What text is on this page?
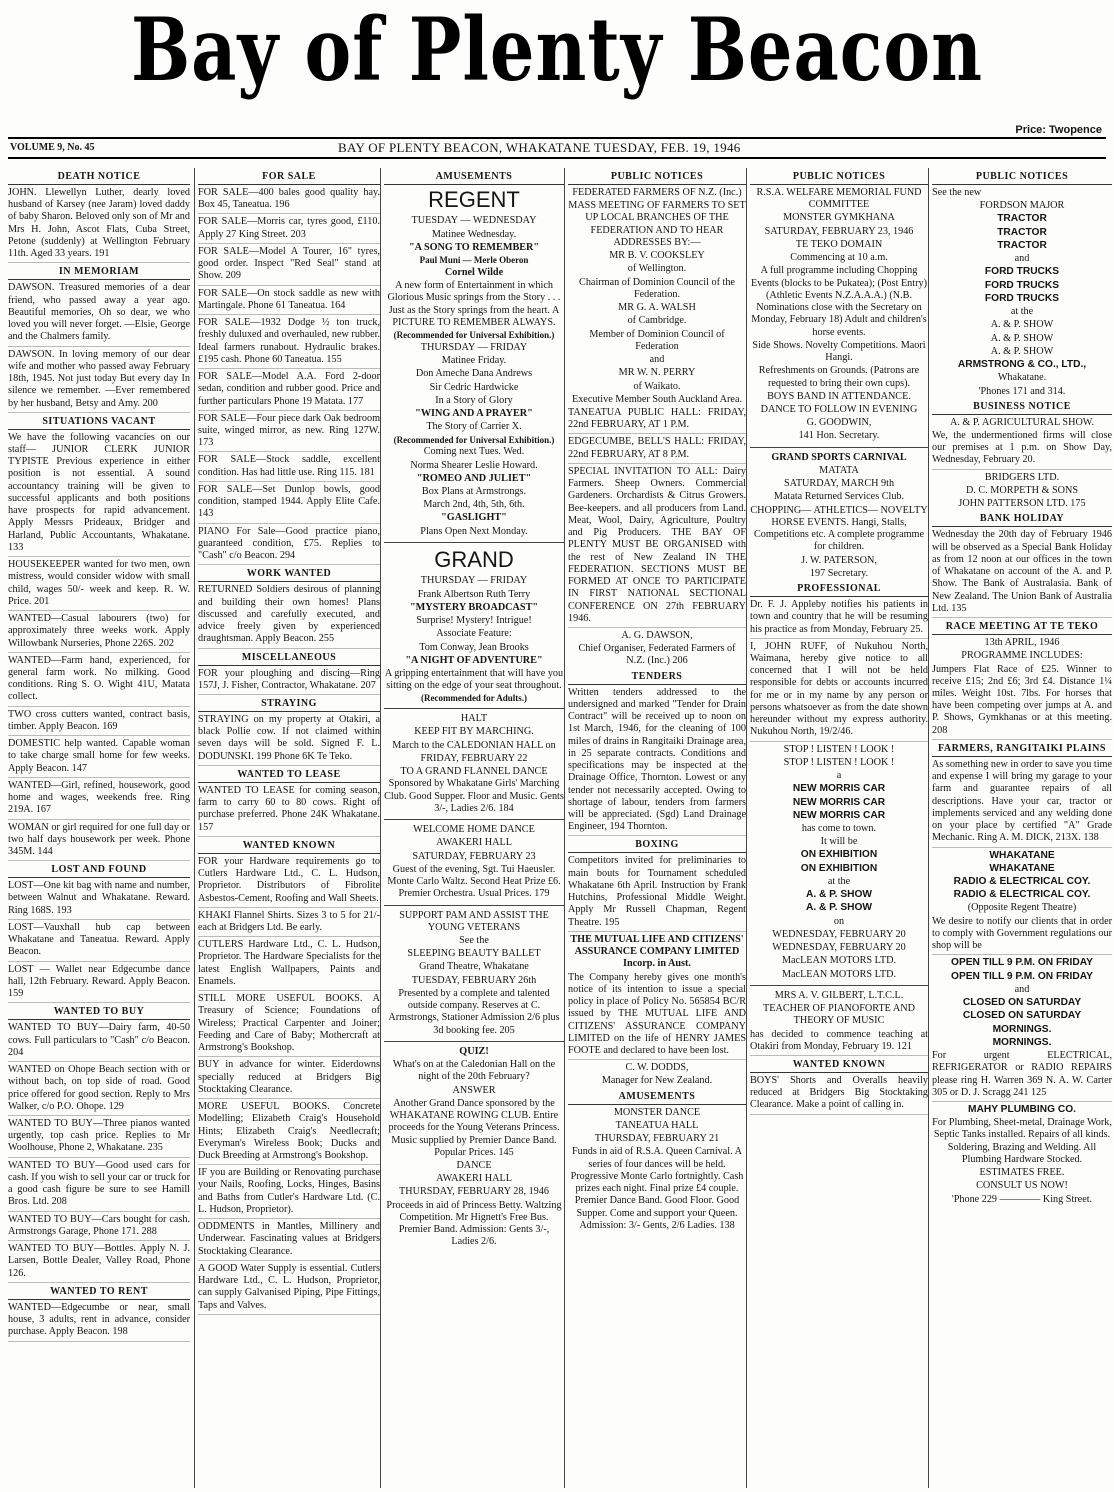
Bay of Plenty Beacon
Price: Twopence
VOLUME 9, No. 45	BAY OF PLENTY BEACON, WHAKATANE TUESDAY, FEB. 19, 1946
DEATH NOTICE
JOHN. Llewellyn Luther, dearly loved husband of Karsey (nee Jaram) loved daddy of baby Sharon. Beloved only son of Mr and Mrs H. John, Ascot Flats, Cuba Street, Petone (suddenly) at Wellington February 11th. Aged 33 years. 191
IN MEMORIAM
DAWSON. Treasured memories of a dear friend, who passed away a year ago. Beautiful memories, Oh so dear, we who loved you will never forget. —Elsie, George and the Chalmers family.
DAWSON. In loving memory of our dear wife and mother who passed away February 18th, 1945. Not just today But every day In silence we remember. —Ever remembered by her husband, Betsy and Amy. 200
SITUATIONS VACANT
We have the following vacancies on our staff— JUNIOR CLERK JUNIOR TYPISTE Previous experience in either position is not essential. A sound accountancy training will be given to successful applicants and both positions have prospects for rapid advancement. Apply Messrs Prideaux, Bridger and Harland, Public Accountants, Whakatane. 133
HOUSEKEEPER wanted for two men, own mistress, would consider widow with small child, wages 50/- week and keep. R. W. Price. 201
WANTED—Casual labourers (two) for approximately three weeks work. Apply Willowbank Nurseries, Phone 226S. 202
WANTED—Farm hand, experienced, for general farm work. No milking. Good conditions. Ring S. O. Wight 41U, Matata collect.
TWO cross cutters wanted, contract basis, timber. Apply Beacon. 169
DOMESTIC help wanted. Capable woman to take charge small home for few weeks. Apply Beacon. 147
WANTED—Girl, refined, housework, good home and wages, weekends free. Ring 219A. 167
WOMAN or girl required for one full day or two half days housework per week. Phone 345M. 144
LOST AND FOUND
LOST—One kit bag with name and number, between Walnut and Whakatane. Reward. Ring 168S. 193
LOST—Vauxhall hub cap between Whakatane and Taneatua. Reward. Apply Beacon.
LOST — Wallet near Edgecumbe dance hall, 12th February. Reward. Apply Beacon. 159
WANTED TO BUY
WANTED TO BUY—Dairy farm, 40-50 cows. Full particulars to "Cash" c/o Beacon. 204
WANTED on Ohope Beach section with or without bach, on top side of road. Good price offered for good section. Reply to Mrs Walker, c/o P.O. Ohope. 129
WANTED TO BUY—Three pianos wanted urgently, top cash price. Replies to Mr Woolhouse, Phone 2, Whakatane. 235
WANTED TO BUY—Good used cars for cash. If you wish to sell your car or truck for a good cash figure be sure to see Hamill Bros. Ltd. 208
WANTED TO BUY—Cars bought for cash. Armstrongs Garage, Phone 171. 288
WANTED TO BUY—Bottles. Apply N. J. Larsen, Bottle Dealer, Valley Road, Phone 126.
WANTED TO RENT
WANTED—Edgecumbe or near, small house, 3 adults, rent in advance, consider purchase. Apply Beacon. 198
FOR SALE
FOR SALE—400 bales good quality hay. Box 45, Taneatua. 196
FOR SALE—Morris car, tyres good, £110. Apply 27 King Street. 203
FOR SALE—Model A Tourer, 16" tyres, good order. Inspect "Red Seal" stand at Show. 209
FOR SALE—On stock saddle as new with Martingale. Phone 61 Taneatua. 164
FOR SALE—1932 Dodge ½ ton truck, freshly duluxed and overhauled, new rubber. Ideal farmers runabout. Hydraulic brakes. £195 cash. Phone 60 Taneatua. 155
FOR SALE—Model A.A. Ford 2-door sedan, condition and rubber good. Price and further particulars Phone 19 Matata. 177
FOR SALE—Four piece dark Oak bedroom suite, winged mirror, as new. Ring 127W. 173
FOR SALE—Stock saddle, excellent condition. Has had little use. Ring 115. 181
FOR SALE—Set Dunlop bowls, good condition, stamped 1944. Apply Elite Cafe. 143
PIANO For Sale—Good practice piano, guaranteed condition, £75. Replies to "Cash" c/o Beacon. 294
WORK WANTED
RETURNED Soldiers desirous of planning and building their own homes! Plans discussed and carefully executed, and advice freely given by experienced draughtsman. Apply Beacon. 255
MISCELLANEOUS
FOR your ploughing and discing—Ring 157J, J. Fisher, Contractor, Whakatane. 207
STRAYING
STRAYING on my property at Otakiri, a black Pollie cow. If not claimed within seven days will be sold. Signed F. L. DODUNSKI. 199 Phone 6K Te Teko.
WANTED TO LEASE
WANTED TO LEASE for coming season, farm to carry 60 to 80 cows. Right of purchase preferred. Phone 24K Whakatane. 157
WANTED KNOWN
FOR your Hardware requirements go to Cutlers Hardware Ltd., C. L. Hudson, Proprietor. Distributors of Fibrolite Asbestos-Cement, Roofing and Wall Sheets.
KHAKI Flannel Shirts. Sizes 3 to 5 for 21/- each at Bridgers Ltd. Be early.
CUTLERS Hardware Ltd., C. L. Hudson, Proprietor. The Hardware Specialists for the latest English Wallpapers, Paints and Enamels.
STILL MORE USEFUL BOOKS. A Treasury of Science; Foundations of Wireless; Practical Carpenter and Joiner; Feeding and Care of Baby; Mothercraft at Armstrong's Bookshop.
BUY in advance for winter. Eiderdowns specially reduced at Bridgers Big Stocktaking Clearance.
MORE USEFUL BOOKS. Concrete Modelling; Elizabeth Craig's Household Hints; Elizabeth Craig's Needlecraft; Everyman's Wireless Book; Ducks and Duck Breeding at Armstrong's Bookshop.
IF you are Building or Renovating purchase your Nails, Roofing, Locks, Hinges, Basins and Baths from Cutler's Hardware Ltd. (C. L. Hudson, Proprietor).
ODDMENTS in Mantles, Millinery and Underwear. Fascinating values at Bridgers Stocktaking Clearance.
A GOOD Water Supply is essential. Cutlers Hardware Ltd., C. L. Hudson, Proprietor, can supply Galvanised Piping, Pipe Fittings, Taps and Valves.
AMUSEMENTS
REGENT
TUESDAY — WEDNESDAY
Matinee Wednesday.
"A SONG TO REMEMBER"
Paul Muni — Merle Oberon
Cornel Wilde
A new form of Entertainment in which Glorious Music springs from the Story . . . Just as the Story springs from the heart. A PICTURE TO REMEMBER ALWAYS.
(Recommended for Universal Exhibition.)
THURSDAY — FRIDAY
Matinee Friday.
Don Ameche Dana Andrews
Sir Cedric Hardwicke
In a Story of Glory
"WING AND A PRAYER"
The Story of Carrier X.
(Recommended for Universal Exhibition.)
Coming next Tues. Wed.
Norma Shearer Leslie Howard.
"ROMEO AND JULIET"
Box Plans at Armstrongs.
March 2nd, 4th, 5th, 6th.
"GASLIGHT"
Plans Open Next Monday.
GRAND
THURSDAY — FRIDAY
Frank Albertson Ruth Terry
"MYSTERY BROADCAST"
Surprise! Mystery! Intrigue!
Associate Feature:
Tom Conway, Jean Brooks
"A NIGHT OF ADVENTURE"
A gripping entertainment that will have you sitting on the edge of your seat throughout.
(Recommended for Adults.)
HALT
KEEP FIT BY MARCHING.
March to the CALEDONIAN HALL on
FRIDAY, FEBRUARY 22
TO A GRAND FLANNEL DANCE Sponsored by Whakatane Girls' Marching Club. Good Supper. Floor and Music. Gents 3/-, Ladies 2/6. 184
WELCOME HOME DANCE
AWAKERI HALL
SATURDAY, FEBRUARY 23
Guest of the evening, Sgt. Tui Haeusler. Monte Carlo Waltz. Second Heat Prize £6. Premier Orchestra. Usual Prices. 179
SUPPORT PAM AND ASSIST THE YOUNG VETERANS
See the
SLEEPING BEAUTY BALLET
Grand Theatre, Whakatane
TUESDAY, FEBRUARY 26th
Presented by a complete and talented outside company. Reserves at C. Armstrongs, Stationer Admission 2/6 plus 3d booking fee. 205
QUIZ!
What's on at the Caledonian Hall on the night of the 20th February?
ANSWER
Another Grand Dance sponsored by the WHAKATANE ROWING CLUB. Entire proceeds for the Young Veterans Princess. Music supplied by Premier Dance Band. Popular Prices. 145
DANCE
AWAKERI HALL
THURSDAY, FEBRUARY 28, 1946
Proceeds in aid of Princess Betty. Waltzing Competition. Mr Hignett's Free Bus. Premier Band. Admission: Gents 3/-, Ladies 2/6.
PUBLIC NOTICES
FEDERATED FARMERS OF N.Z. (Inc.)
MASS MEETING OF FARMERS TO SET UP LOCAL BRANCHES OF THE FEDERATION AND TO HEAR ADDRESSES BY:—
MR B. V. COOKSLEY
of Wellington.
Chairman of Dominion Council of the Federation.
MR G. A. WALSH
of Cambridge.
Member of Dominion Council of Federation
and
MR W. N. PERRY
of Waikato.
Executive Member South Auckland Area.
TANEATUA PUBLIC HALL: FRIDAY, 22nd FEBRUARY, AT 1 P.M.
EDGECUMBE, BELL'S HALL: FRIDAY, 22nd FEBRUARY, AT 8 P.M.
SPECIAL INVITATION TO ALL: Dairy Farmers. Sheep Owners. Commercial Gardeners. Orchardists & Citrus Growers. Bee-keepers. and all producers from Land. Meat, Wool, Dairy, Agriculture, Poultry and Pig Producers. THE BAY OF PLENTY MUST BE ORGANISED with the rest of New Zealand IN THE FEDERATION. SECTIONS MUST BE FORMED AT ONCE TO PARTICIPATE IN FIRST NATIONAL SECTIONAL CONFERENCE ON 27th FEBRUARY 1946.
A. G. DAWSON,
Chief Organiser, Federated Farmers of N.Z. (Inc.) 206
TENDERS
Written tenders addressed to the undersigned and marked "Tender for Drain Contract" will be received up to noon on 1st March, 1946, for the cleaning of 100 miles of drains in Rangitaiki Drainage area, in 25 separate contracts. Conditions and specifications may be inspected at the Drainage Office, Thornton. Lowest or any tender not necessarily accepted. Owing to shortage of labour, tenders from farmers will be appreciated. (Sgd) Land Drainage Engineer, 194 Thornton.
BOXING
Competitors invited for preliminaries to main bouts for Tournament scheduled Whakatane 6th April. Instruction by Frank Hutchins, Professional Middle Weight. Apply Mr Russell Chapman, Regent Theatre. 195
THE MUTUAL LIFE AND CITIZENS' ASSURANCE COMPANY LIMITED Incorp. in Aust.
The Company hereby gives one month's notice of its intention to issue a special policy in place of Policy No. 565854 BC/R issued by THE MUTUAL LIFE AND CITIZENS' ASSURANCE COMPANY LIMITED on the life of HENRY JAMES FOOTE and declared to have been lost.
C. W. DODDS,
Manager for New Zealand.
AMUSEMENTS
MONSTER DANCE
TANEATUA HALL
THURSDAY, FEBRUARY 21
Funds in aid of R.S.A. Queen Carnival. A series of four dances will be held. Progressive Monte Carlo fortnightly. Cash prizes each night. Final prize £4 couple. Premier Dance Band. Good Floor. Good Supper. Come and support your Queen. Admission: 3/- Gents, 2/6 Ladies. 138
PUBLIC NOTICES
R.S.A. WELFARE MEMORIAL FUND COMMITTEE
MONSTER GYMKHANA
SATURDAY, FEBRUARY 23, 1946
TE TEKO DOMAIN
Commencing at 10 a.m.
A full programme including Chopping Events (blocks to be Pukatea); (Post Entry) (Athletic Events N.Z.A.A.A.) (N.B. Nominations close with the Secretary on Monday, February 18) Adult and children's horse events.
Side Shows. Novelty Competitions. Maori Hangi.
Refreshments on Grounds. (Patrons are requested to bring their own cups).
BOYS BAND IN ATTENDANCE.
DANCE TO FOLLOW IN EVENING
G. GOODWIN,
141 Hon. Secretary.
GRAND SPORTS CARNIVAL
MATATA
SATURDAY, MARCH 9th
Matata Returned Services Club.
CHOPPING— ATHLETICS— NOVELTY HORSE EVENTS. Hangi, Stalls, Competitions etc. A complete programme for children.
J. W. PATERSON,
197 Secretary.
PROFESSIONAL
Dr. F. J. Appleby notifies his patients in town and country that he will be resuming his practice as from Monday, February 25.
I, JOHN RUFF, of Nukuhou North, Waimana, hereby give notice to all concerned that I will not be held responsible for debts or accounts incurred for me or in my name by any person or persons whatsoever as from the date shown hereunder without my express authority. Nukuhou North, 19/2/46.
STOP ! LISTEN ! LOOK !
STOP ! LISTEN ! LOOK !
a
NEW MORRIS CAR
NEW MORRIS CAR
NEW MORRIS CAR
has come to town.
It will be
ON EXHIBITION
ON EXHIBITION
at the
A. & P. SHOW
A. & P. SHOW
on
WEDNESDAY, FEBRUARY 20
WEDNESDAY, FEBRUARY 20
MacLEAN MOTORS LTD.
MacLEAN MOTORS LTD.
MRS A. V. GILBERT, L.T.C.L.
TEACHER OF PIANOFORTE AND THEORY OF MUSIC
has decided to commence teaching at Otakiri from Monday, February 19. 121
WANTED KNOWN
BOYS' Shorts and Overalls heavily reduced at Bridgers Big Stocktaking Clearance. Make a point of calling in.
PUBLIC NOTICES
See the new
FORDSON MAJOR
TRACTOR
TRACTOR
TRACTOR
and
FORD TRUCKS
FORD TRUCKS
FORD TRUCKS
at the
A. & P. SHOW
A. & P. SHOW
A. & P. SHOW
ARMSTRONG & CO., LTD.,
Whakatane.
'Phones 171 and 314.
BUSINESS NOTICE
A. & P. AGRICULTURAL SHOW.
We, the undermentioned firms will close our premises at 1 p.m. on Show Day, Wednesday, February 20.
BRIDGERS LTD.
D. C. MORPETH & SONS
JOHN PATTERSON LTD. 175
BANK HOLIDAY
Wednesday the 20th day of February 1946 will be observed as a Special Bank Holiday as from 12 noon at our offices in the town of Whakatane on account of the A. and P. Show. The Bank of Australasia. Bank of New Zealand. The Union Bank of Australia Ltd. 135
RACE MEETING AT TE TEKO
13th APRIL, 1946
PROGRAMME INCLUDES:
Jumpers Flat Race of £25. Winner to receive £15; 2nd £6; 3rd £4. Distance 1¼ miles. Weight 10st. 7lbs. For horses that have been competing over jumps at A. and P. Shows, Gymkhanas or at this meeting. 208
FARMERS, RANGITAIKI PLAINS
As something new in order to save you time and expense I will bring my garage to your farm and guarantee repairs of all descriptions. Have your car, tractor or implements serviced and any welding done on your place by certified "A" Grade Mechanic. Ring A. M. DICK, 213X. 138
WHAKATANE
WHAKATANE
RADIO & ELECTRICAL COY.
RADIO & ELECTRICAL COY.
(Opposite Regent Theatre)
We desire to notify our clients that in order to comply with Government regulations our shop will be
OPEN TILL 9 P.M. ON FRIDAY
OPEN TILL 9 P.M. ON FRIDAY
and
CLOSED ON SATURDAY
CLOSED ON SATURDAY
MORNINGS.
MORNINGS.
For urgent ELECTRICAL, REFRIGERATOR or RADIO REPAIRS please ring H. Warren 369 N. A. W. Carter 305 or D. J. Scragg 241 125
MAHY PLUMBING CO.
For Plumbing, Sheet-metal, Drainage Work, Septic Tanks installed. Repairs of all kinds. Soldering, Brazing and Welding. All Plumbing Hardware Stocked.
ESTIMATES FREE.
CONSULT US NOW!
'Phone 229 ———— King Street.
